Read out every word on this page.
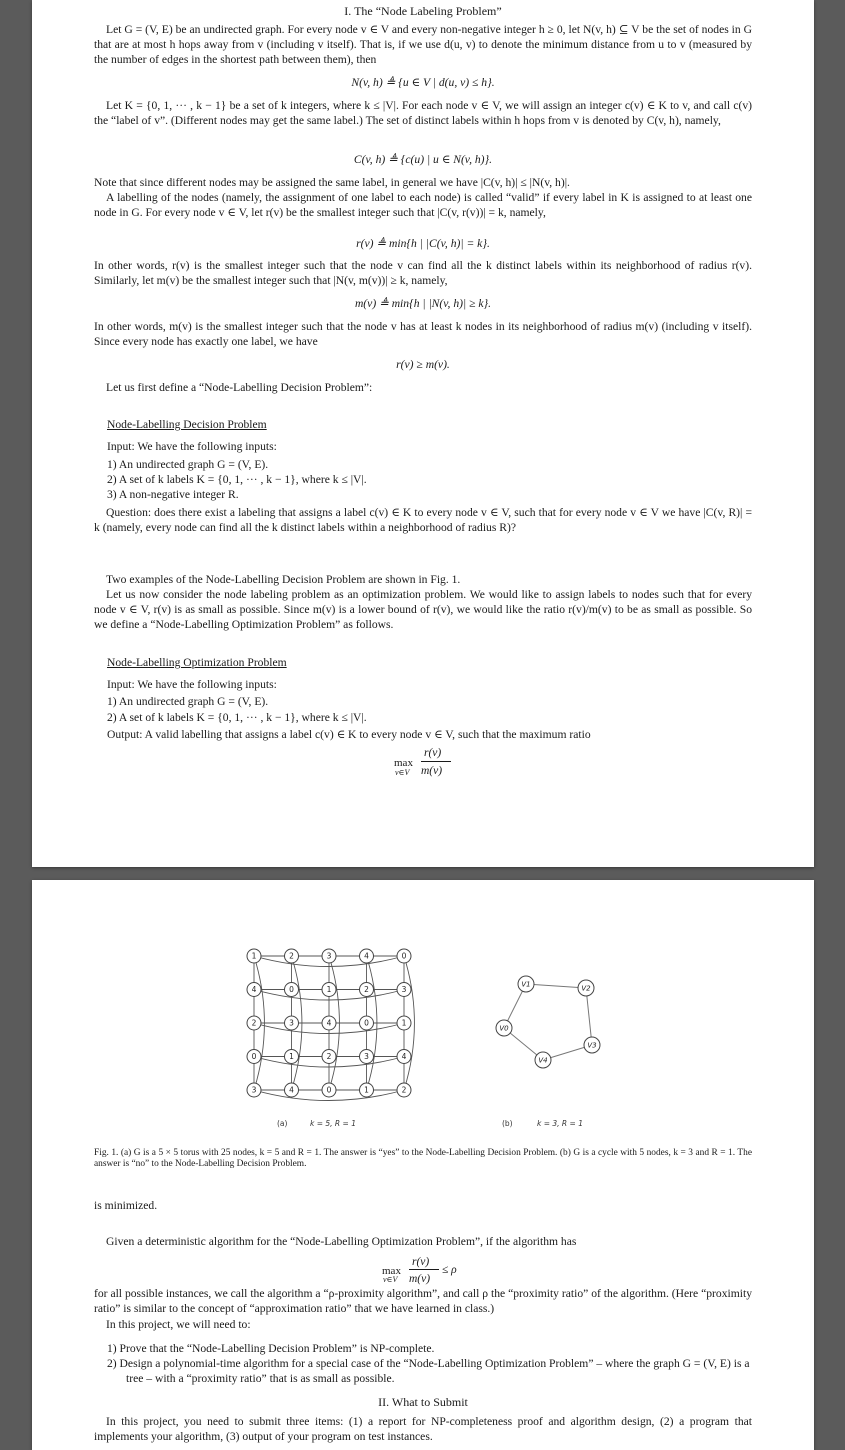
I. The “Node Labeling Problem”
Let G = (V, E) be an undirected graph. For every node v ∈ V and every non-negative integer h ≥ 0, let N(v, h) ⊆ V be the set of nodes in G that are at most h hops away from v (including v itself). That is, if we use d(u, v) to denote the minimum distance from u to v (measured by the number of edges in the shortest path between them), then
N(v, h) ≜ {u ∈ V | d(u, v) ≤ h}.
Let K = {0, 1, ··· , k − 1} be a set of k integers, where k ≤ |V|. For each node v ∈ V, we will assign an integer c(v) ∈ K to v, and call c(v) the “label of v”. (Different nodes may get the same label.) The set of distinct labels within h hops from v is denoted by C(v, h), namely,
C(v, h) ≜ {c(u) | u ∈ N(v, h)}.
Note that since different nodes may be assigned the same label, in general we have |C(v, h)| ≤ |N(v, h)|.
A labelling of the nodes (namely, the assignment of one label to each node) is called “valid” if every label in K is assigned to at least one node in G. For every node v ∈ V, let r(v) be the smallest integer such that |C(v, r(v))| = k, namely,
r(v) ≜ min{h | |C(v, h)| = k}.
In other words, r(v) is the smallest integer such that the node v can find all the k distinct labels within its neighborhood of radius r(v). Similarly, let m(v) be the smallest integer such that |N(v, m(v))| ≥ k, namely,
m(v) ≜ min{h | |N(v, h)| ≥ k}.
In other words, m(v) is the smallest integer such that the node v has at least k nodes in its neighborhood of radius m(v) (including v itself). Since every node has exactly one label, we have
r(v) ≥ m(v).
Let us first define a “Node-Labelling Decision Problem”:
Node-Labelling Decision Problem
Input: We have the following inputs:
1) An undirected graph G = (V, E).
2) A set of k labels K = {0, 1, ··· , k − 1}, where k ≤ |V|.
3) A non-negative integer R.
Question: does there exist a labeling that assigns a label c(v) ∈ K to every node v ∈ V, such that for every node v ∈ V we have |C(v, R)| = k (namely, every node can find all the k distinct labels within a neighborhood of radius R)?
Two examples of the Node-Labelling Decision Problem are shown in Fig. 1.
Let us now consider the node labeling problem as an optimization problem. We would like to assign labels to nodes such that for every node v ∈ V, r(v) is as small as possible. Since m(v) is a lower bound of r(v), we would like the ratio r(v)/m(v) to be as small as possible. So we define a “Node-Labelling Optimization Problem” as follows.
Node-Labelling Optimization Problem
Input: We have the following inputs:
1) An undirected graph G = (V, E).
2) A set of k labels K = {0, 1, ··· , k − 1}, where k ≤ |V|.
Output: A valid labelling that assigns a label c(v) ∈ K to every node v ∈ V, such that the maximum ratio
max
v∈V
r(v)
m(v)
1	2	3	4	0
4	0	1	2	3
2	3	4	0	1
0	1	2	3	4
3	4	0	1	2
V1	V2
V3
V4
V0
(a)	k = 5, R = 1	(b)	k = 3, R = 1
Fig. 1. (a) G is a 5 × 5 torus with 25 nodes, k = 5 and R = 1. The answer is “yes” to the Node-Labelling Decision Problem. (b) G is a cycle with 5 nodes, k = 3 and R = 1. The answer is “no” to the Node-Labelling Decision Problem.
is minimized.
Given a deterministic algorithm for the “Node-Labelling Optimization Problem”, if the algorithm has
max
v∈V
r(v)
m(v)
≤ ρ
for all possible instances, we call the algorithm a “ρ-proximity algorithm”, and call ρ the “proximity ratio” of the algorithm. (Here “proximity ratio” is similar to the concept of “approximation ratio” that we have learned in class.)
In this project, we will need to:
1) Prove that the “Node-Labelling Decision Problem” is NP-complete.
2) Design a polynomial-time algorithm for a special case of the “Node-Labelling Optimization Problem” – where the graph G = (V, E) is a tree – with a “proximity ratio” that is as small as possible.
II. What to Submit
In this project, you need to submit three items: (1) a report for NP-completeness proof and algorithm design, (2) a program that implements your algorithm, (3) output of your program on test instances.
